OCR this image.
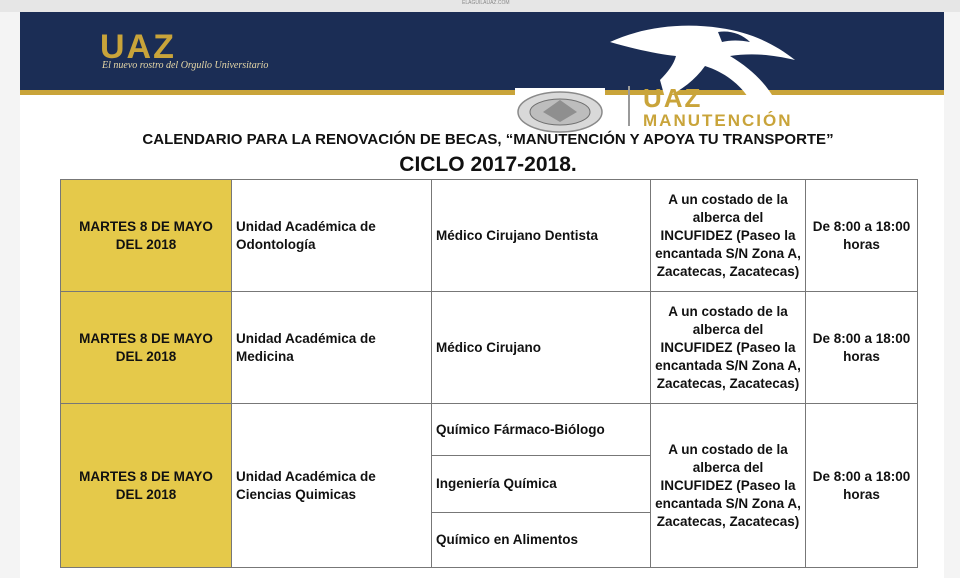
ELAGUILAUAZ.COM
UAZ
El nuevo rostro del Orgullo Universitario
UAZ
MANUTENCIÓN
CALENDARIO PARA LA RENOVACIÓN DE BECAS, “MANUTENCIÓN Y APOYA TU TRANSPORTE”
CICLO 2017-2018.
MARTES 8 DE MAYO DEL 2018	Unidad Académica de Odontología	Médico Cirujano Dentista	A un costado de la alberca del INCUFIDEZ (Paseo la encantada S/N Zona A, Zacatecas, Zacatecas)	De 8:00 a 18:00 horas
MARTES 8 DE MAYO DEL 2018	Unidad Académica de Medicina	Médico Cirujano	A un costado de la alberca del INCUFIDEZ (Paseo la encantada S/N Zona A, Zacatecas, Zacatecas)	De 8:00 a 18:00 horas
MARTES 8 DE MAYO DEL 2018	Unidad Académica de Ciencias Quimicas	Químico Fármaco-Biólogo	A un costado de la alberca del INCUFIDEZ (Paseo la encantada S/N Zona A, Zacatecas, Zacatecas)	De 8:00 a 18:00 horas
		Ingeniería Química		
		Químico en Alimentos		
